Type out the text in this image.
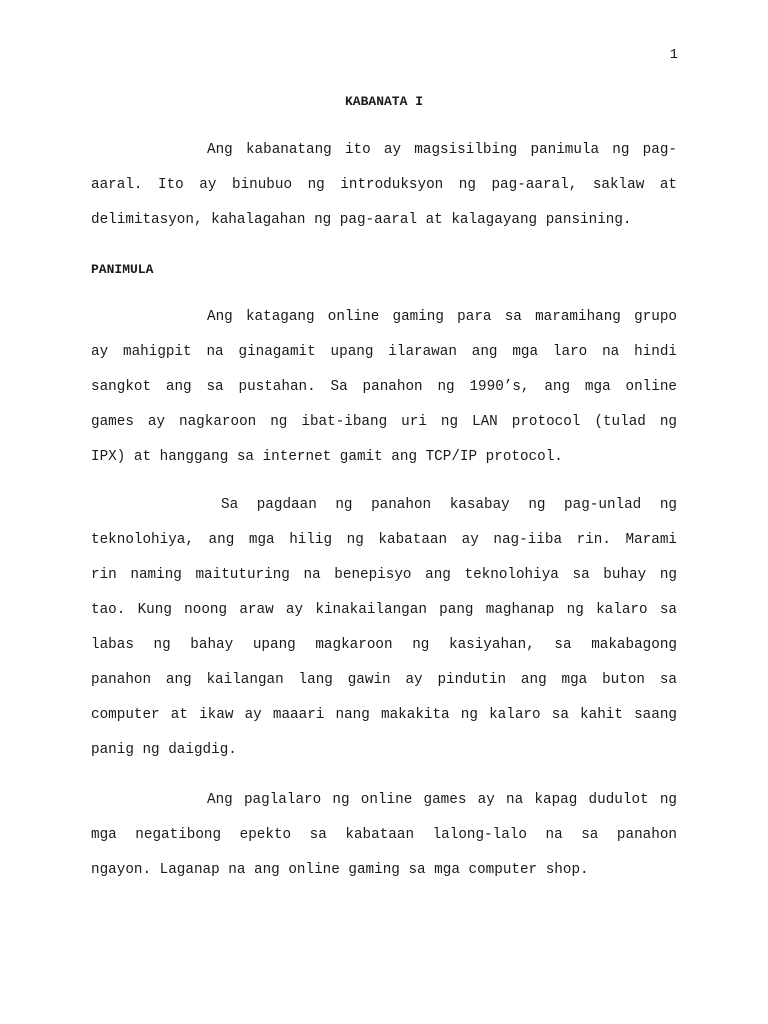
1
KABANATA I
Ang kabanatang ito ay magsisilbing panimula ng pag-
aaral. Ito ay binubuo ng introduksyon ng pag-aaral, saklaw at
delimitasyon, kahalagahan ng pag-aaral at kalagayang pansining.
PANIMULA
Ang katagang online gaming para sa maramihang grupo
ay mahigpit na ginagamit upang ilarawan ang mga laro na hindi
sangkot ang sa pustahan. Sa panahon ng 1990’s, ang mga online
games ay nagkaroon ng ibat-ibang uri ng LAN protocol (tulad ng
IPX) at hanggang sa internet gamit ang TCP/IP protocol.
Sa pagdaan ng panahon kasabay ng pag-unlad ng
teknolohiya, ang mga hilig ng kabataan ay nag-iiba rin. Marami
rin naming maituturing na benepisyo ang teknolohiya sa buhay ng
tao. Kung noong araw ay kinakailangan pang maghanap ng kalaro sa
labas ng bahay upang magkaroon ng kasiyahan, sa makabagong
panahon ang kailangan lang gawin ay pindutin ang mga buton sa
computer at ikaw ay maaari nang makakita ng kalaro sa kahit saang
panig ng daigdig.
Ang paglalaro ng online games ay na kapag dudulot ng
mga negatibong epekto sa kabataan lalong-lalo na sa panahon
ngayon. Laganap na ang online gaming sa mga computer shop.
